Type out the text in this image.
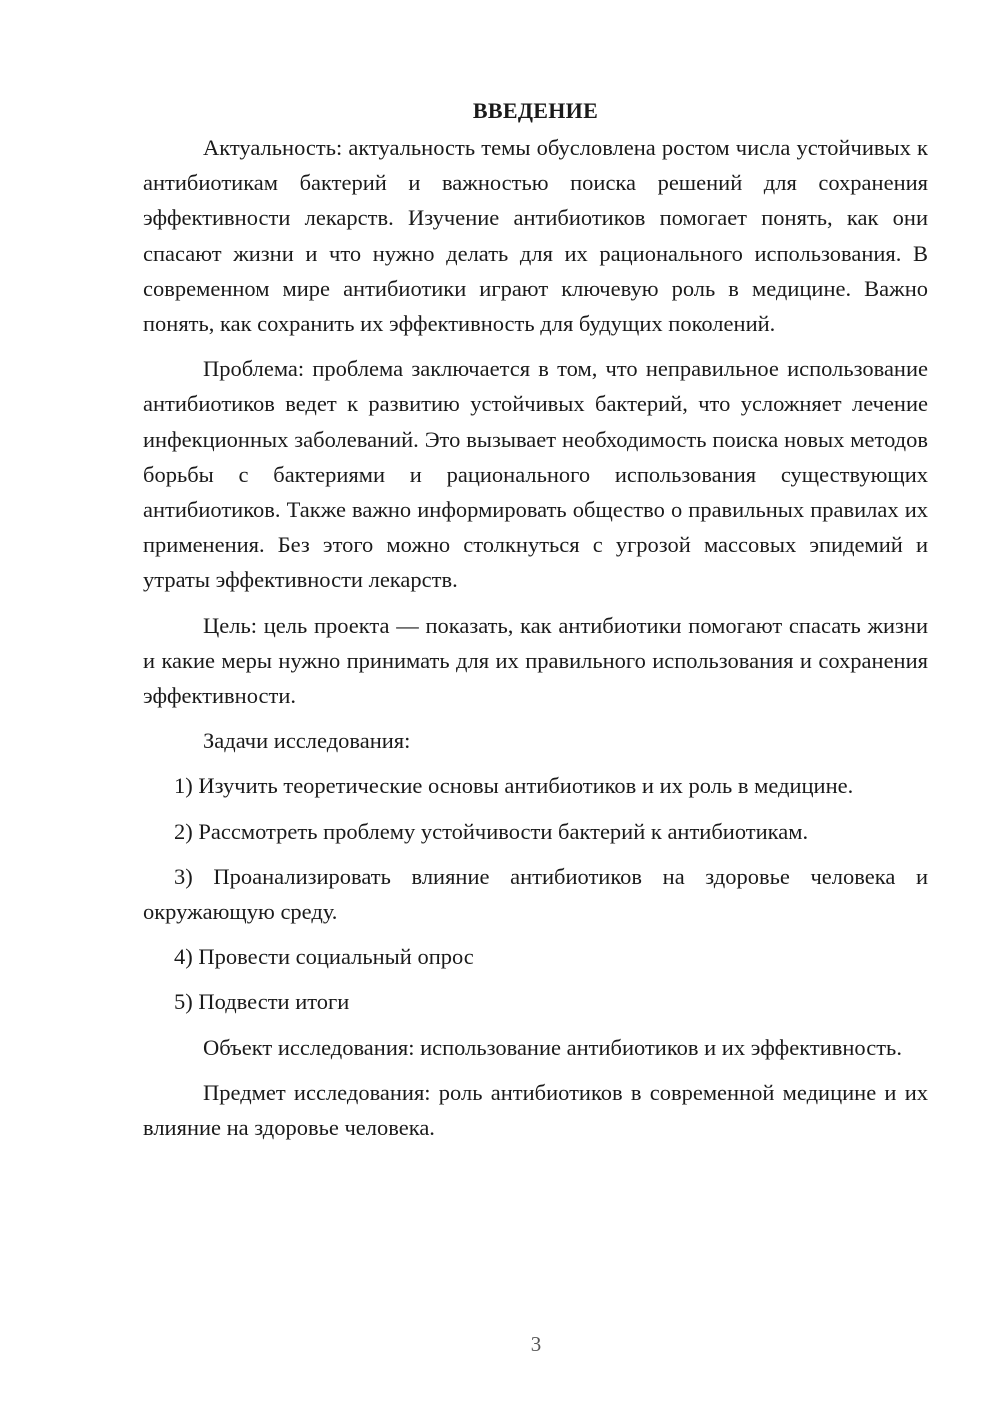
ВВЕДЕНИЕ

Актуальность: актуальность темы обусловлена ростом числа устойчивых к антибиотикам бактерий и важностью поиска решений для сохранения эффективности лекарств. Изучение антибиотиков помогает понять, как они спасают жизни и что нужно делать для их рационального использования. В современном мире антибиотики играют ключевую роль в медицине. Важно понять, как сохранить их эффективность для будущих поколений.

Проблема: проблема заключается в том, что неправильное использование антибиотиков ведет к развитию устойчивых бактерий, что усложняет лечение инфекционных заболеваний. Это вызывает необходимость поиска новых методов борьбы с бактериями и рационального использования существующих антибиотиков. Также важно информировать общество о правильных правилах их применения. Без этого можно столкнуться с угрозой массовых эпидемий и утраты эффективности лекарств.

Цель: цель проекта — показать, как антибиотики помогают спасать жизни и какие меры нужно принимать для их правильного использования и сохранения эффективности.

Задачи исследования:

1) Изучить теоретические основы антибиотиков и их роль в медицине.

2) Рассмотреть проблему устойчивости бактерий к антибиотикам.

3) Проанализировать влияние антибиотиков на здоровье человека и окружающую среду.

4) Провести социальный опрос

5) Подвести итоги

Объект исследования: использование антибиотиков и их эффективность.

Предмет исследования: роль антибиотиков в современной медицине и их влияние на здоровье человека.

3
